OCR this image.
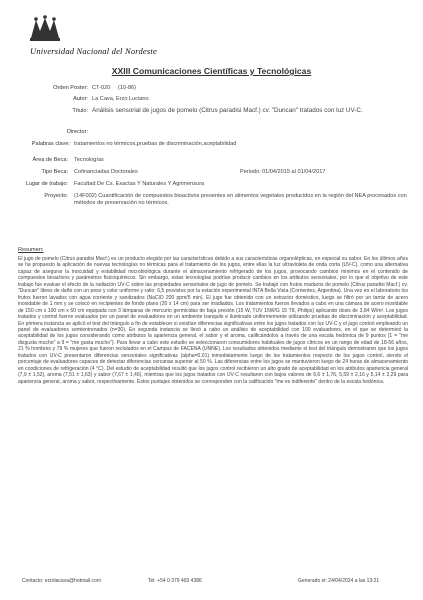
Universidad Nacional del Nordeste
XXIII Comunicaciones Científicas y Tecnológicas
Orden Poster: CT-020 (10-86)
Autor: La Cava, Erzo Luciano
Título: Análisis sensorial de jugos de pomelo (Citrus paradisi Macf.) cv. "Duncan" tratados con luz UV-C.
Director:
Palabras clave: tratamientos no térmicos,pruebas de discriminación,aceptabilidad
Área de Beca: Tecnologías
Tipo Beca: Cofinanciadas Doctorales	Periodo: 01/04/2015 al 01/04/2017
Lugar de trabajo: Facultad De Cs. Exactas Y Naturales Y Agrimensura
Proyecto: (14F002) Cuantificación de compuestos bioactivos presentes en alimentos vegetales producidos en la región del NEA procesados con métodos de preservación no térmicos.
Resumen:
El jugo de pomelo (Citrus paradisi Macf.) es un producto elegido por las características debido a sus características organolépticas, en especial su sabor. En los últimos años se ha propuesto la aplicación de nuevas tecnologías no térmicas para el tratamiento de los jugos, entre ellas la luz ultravioleta de onda corta (UV-C), como una alternativa capaz de asegurar la inocuidad y estabilidad microbiológica durante el almacenamiento refrigerado de los jugos, provocando cambios mínimos en el contenido de compuestos bioactivos y parámetros fisicoquímicos. Sin embargo, estas tecnologías podrían producir cambios en los atributos sensoriales, por lo que el objetivo de este trabajo fue evaluar el efecto de la radiación UV-C sobre las propiedades sensoriales de jugo de pomelo. Se trabajó con frutos maduros de pomelo (Citrus paradisi Macf.) cv. "Duncan" libres de daño con un peso y color uniforme y ratio: 6,5 provistos por la estación experimental INTA Bella Vista (Corrientes, Argentina). Una vez en el laboratorio los frutos fueron lavados con agua corriente y sanitizados (NaClO 200 ppm/5 min). El jugo fue obtenido con un extractor doméstico, luego se filtró por un tamiz de acero inoxidable de 1 mm y se colocó en recipientes de fondo plano (20 x 14 cm) para ser irradiados. Los tratamientos fueron llevados a cabo en una cámara de acero inoxidable de 150 cm x 100 cm x 60 cm equipada con 3 lámparas de mercurio germicidas de baja presión (15 W, TUV 15W/G 15 T8, Philips) aplicando dosis de 3,84 W/m². Los jugos tratados y control fueron evaluados por un panel de evaluadores en un ambiente tranquilo e iluminado uniformemente utilizando pruebas de discriminación y aceptabilidad. En primera instancia se aplicó el test del triángulo a fin de establecer si existían diferencias significativas entre los jugos tratados con luz UV-C y el jugo control empleando un panel de evaluadores semientrenados (n=30). En segunda instancia se llevó a cabo un análisis de aceptabilidad con 100 evaluadores, en el que se determinó la aceptabilidad de los jugos considerando como atributos la apariencia general, el sabor y el aroma, calificándolos a través de una escala hedónica de 9 puntos (1 = "me disgusta mucho" a 9 = "me gusta mucho"). Para llevar a cabo este estudio se seleccionaron consumidores habituales de jugos cítricos en un rango de edad de 18-56 años, 21 % hombres y 79 % mujeres que fueron reclutados en el Campus de FACENA (UNNE). Los resultados obtenidos mediante el test del triángulo demostraron que los jugos tratados con UV-C presentaron diferencias sensoriales significativas (alpha=0,01) inmediatamente luego de los tratamientos respecto de los jugos control, siendo el porcentaje de evaluadores capaces de detectar diferencias cercanas superior al 50 %. Las diferencias entre los jugos se mantuvieron luego de 24 horas de almacenamiento en condiciones de refrigeración (4 °C). Del estudio de aceptabilidad resultó que los jugos control recibieron un alto grado de aceptabilidad en los atributos apariencia general (7,9 ± 1,52), aroma (7,51 ± 1,63) y sabor (7,67 ± 1,46), mientras que los jugos tratados con UV-C resultaron con bajos valores de 6,6 ± 1,76, 5,59 ± 2,16 y 5,14 ± 2,29 para apariencia general, aroma y sabor, respectivamente. Estos puntajes obtenidos se corresponden con la calificación "me es indiferente" dentro de la escala hedónica.
Contacto: erzolacava@hotmail.com	Tel: +54 0 379 493 4386	Generado el: 24/04/2024 a las 13:21
